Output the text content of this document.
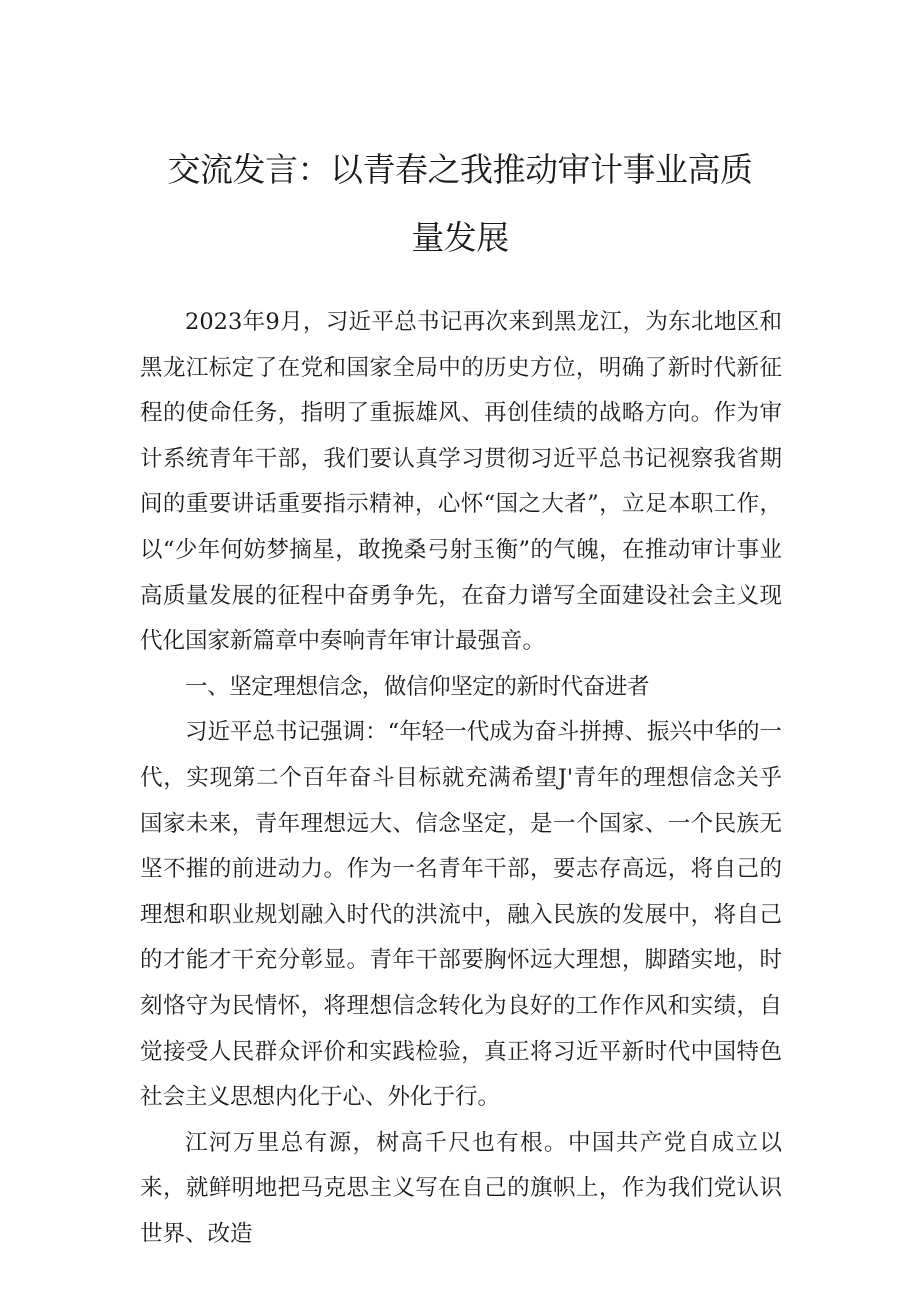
交流发言：以青春之我推动审计事业高质
量发展

2023年9月，习近平总书记再次来到黑龙江，为东北地区和黑龙江标定了在党和国家全局中的历史方位，明确了新时代新征程的使命任务，指明了重振雄风、再创佳绩的战略方向。作为审计系统青年干部，我们要认真学习贯彻习近平总书记视察我省期间的重要讲话重要指示精神，心怀“国之大者”，立足本职工作，以“少年何妨梦摘星，敢挽桑弓射玉衡”的气魄，在推动审计事业高质量发展的征程中奋勇争先，在奋力谱写全面建设社会主义现代化国家新篇章中奏响青年审计最强音。

一、坚定理想信念，做信仰坚定的新时代奋进者

习近平总书记强调：“年轻一代成为奋斗拼搏、振兴中华的一代，实现第二个百年奋斗目标就充满希望J'青年的理想信念关乎国家未来，青年理想远大、信念坚定，是一个国家、一个民族无坚不摧的前进动力。作为一名青年干部，要志存高远，将自己的理想和职业规划融入时代的洪流中，融入民族的发展中，将自己的才能才干充分彰显。青年干部要胸怀远大理想，脚踏实地，时刻恪守为民情怀，将理想信念转化为良好的工作作风和实绩，自觉接受人民群众评价和实践检验，真正将习近平新时代中国特色社会主义思想内化于心、外化于行。

江河万里总有源，树高千尺也有根。中国共产党自成立以来，就鲜明地把马克思主义写在自己的旗帜上，作为我们党认识世界、改造
